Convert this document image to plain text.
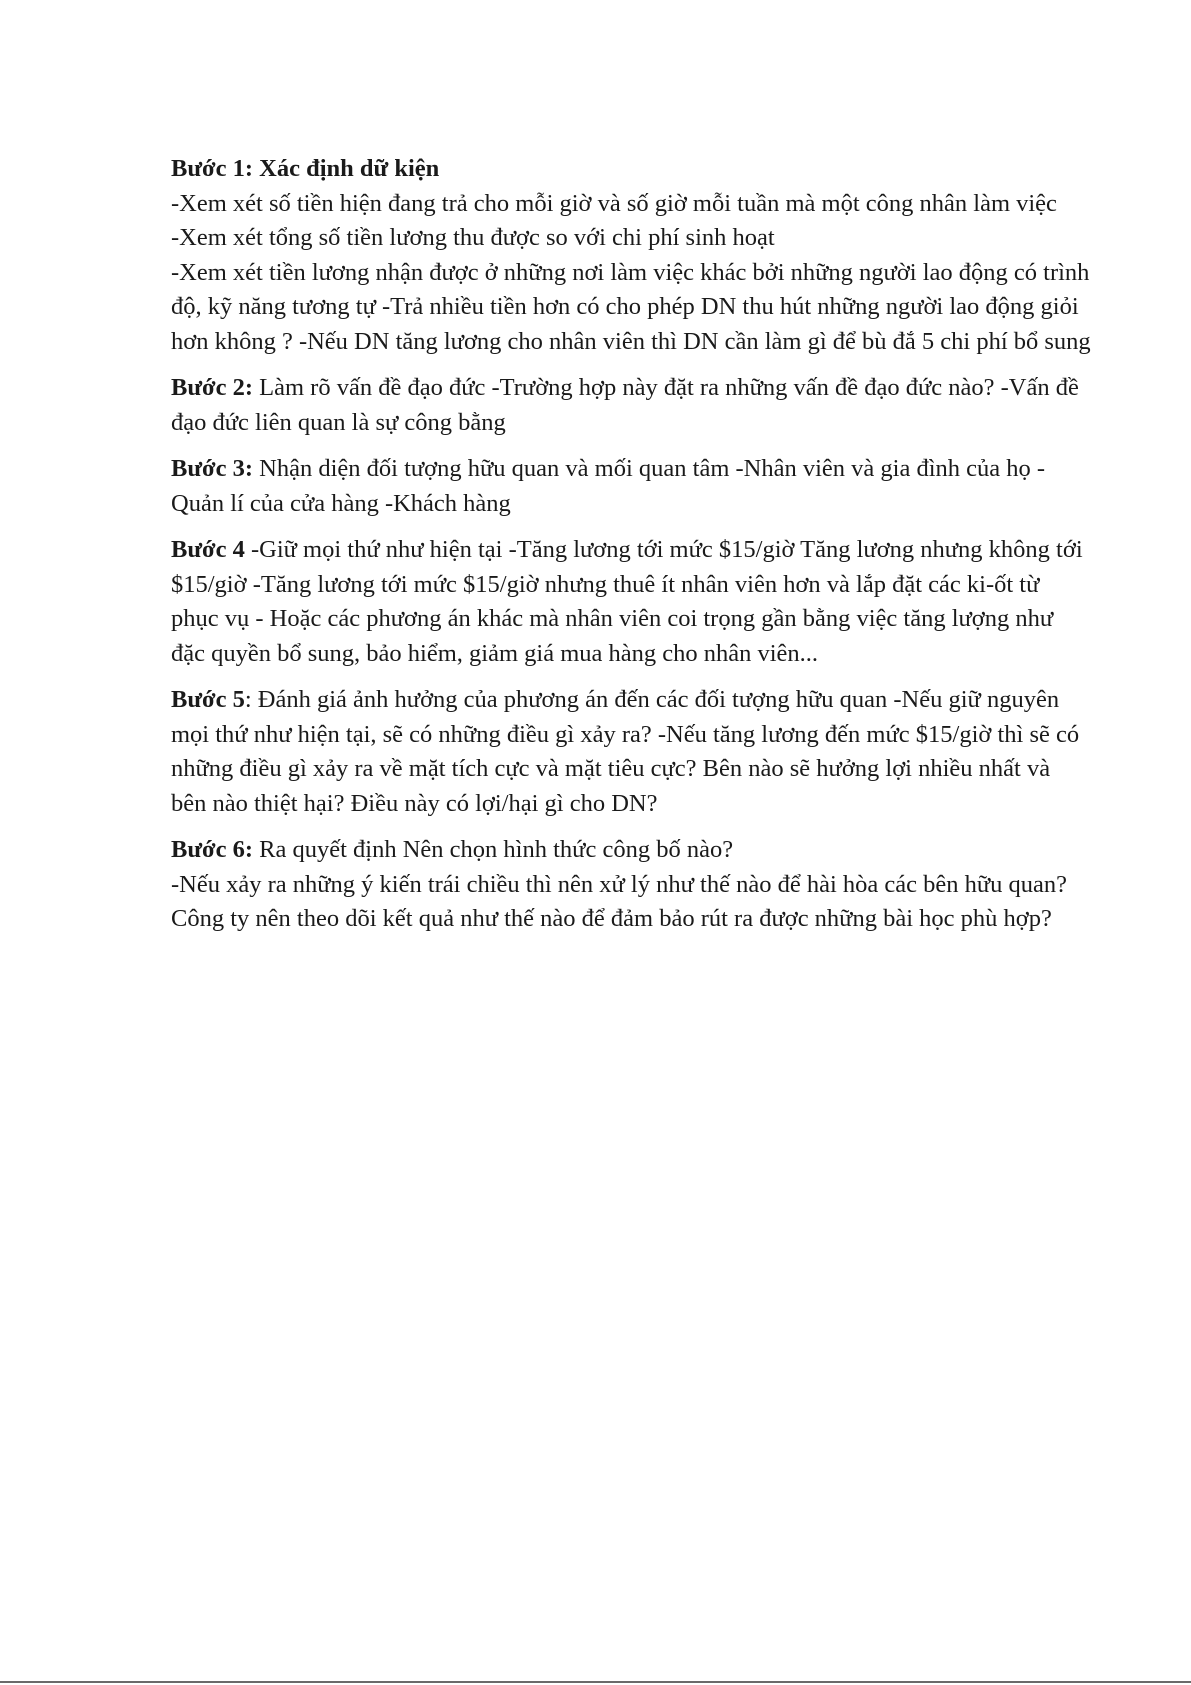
Bước 1: Xác định dữ kiện

-Xem xét số tiền hiện đang trả cho mỗi giờ và số giờ mỗi tuần mà một công nhân làm việc

-Xem xét tổng số tiền lương thu được so với chi phí sinh hoạt

-Xem xét tiền lương nhận được ở những nơi làm việc khác bởi những người lao động có trình độ, kỹ năng tương tự -Trả nhiều tiền hơn có cho phép DN thu hút những người lao động giỏi hơn không ? -Nếu DN tăng lương cho nhân viên thì DN cần làm gì để bù đắ 5 chi phí bổ sung

Bước 2: Làm rõ vấn đề đạo đức -Trường hợp này đặt ra những vấn đề đạo đức nào? -Vấn đề đạo đức liên quan là sự công bằng

Bước 3: Nhận diện đối tượng hữu quan và mối quan tâm -Nhân viên và gia đình của họ -Quản lí của cửa hàng -Khách hàng

Bước 4 -Giữ mọi thứ như hiện tại -Tăng lương tới mức $15/giờ Tăng lương nhưng không tới $15/giờ -Tăng lương tới mức $15/giờ nhưng thuê ít nhân viên hơn và lắp đặt các ki-ốt từ phục vụ - Hoặc các phương án khác mà nhân viên coi trọng gần bằng việc tăng lượng như đặc quyền bổ sung, bảo hiểm, giảm giá mua hàng cho nhân viên...

Bước 5: Đánh giá ảnh hưởng của phương án đến các đối tượng hữu quan -Nếu giữ nguyên mọi thứ như hiện tại, sẽ có những điều gì xảy ra? -Nếu tăng lương đến mức $15/giờ thì sẽ có những điều gì xảy ra về mặt tích cực và mặt tiêu cực? Bên nào sẽ hưởng lợi nhiều nhất và bên nào thiệt hại? Điều này có lợi/hại gì cho DN?

Bước 6: Ra quyết định Nên chọn hình thức công bố nào?

-Nếu xảy ra những ý kiến trái chiều thì nên xử lý như thế nào để hài hòa các bên hữu quan? Công ty nên theo dõi kết quả như thế nào để đảm bảo rút ra được những bài học phù hợp?
